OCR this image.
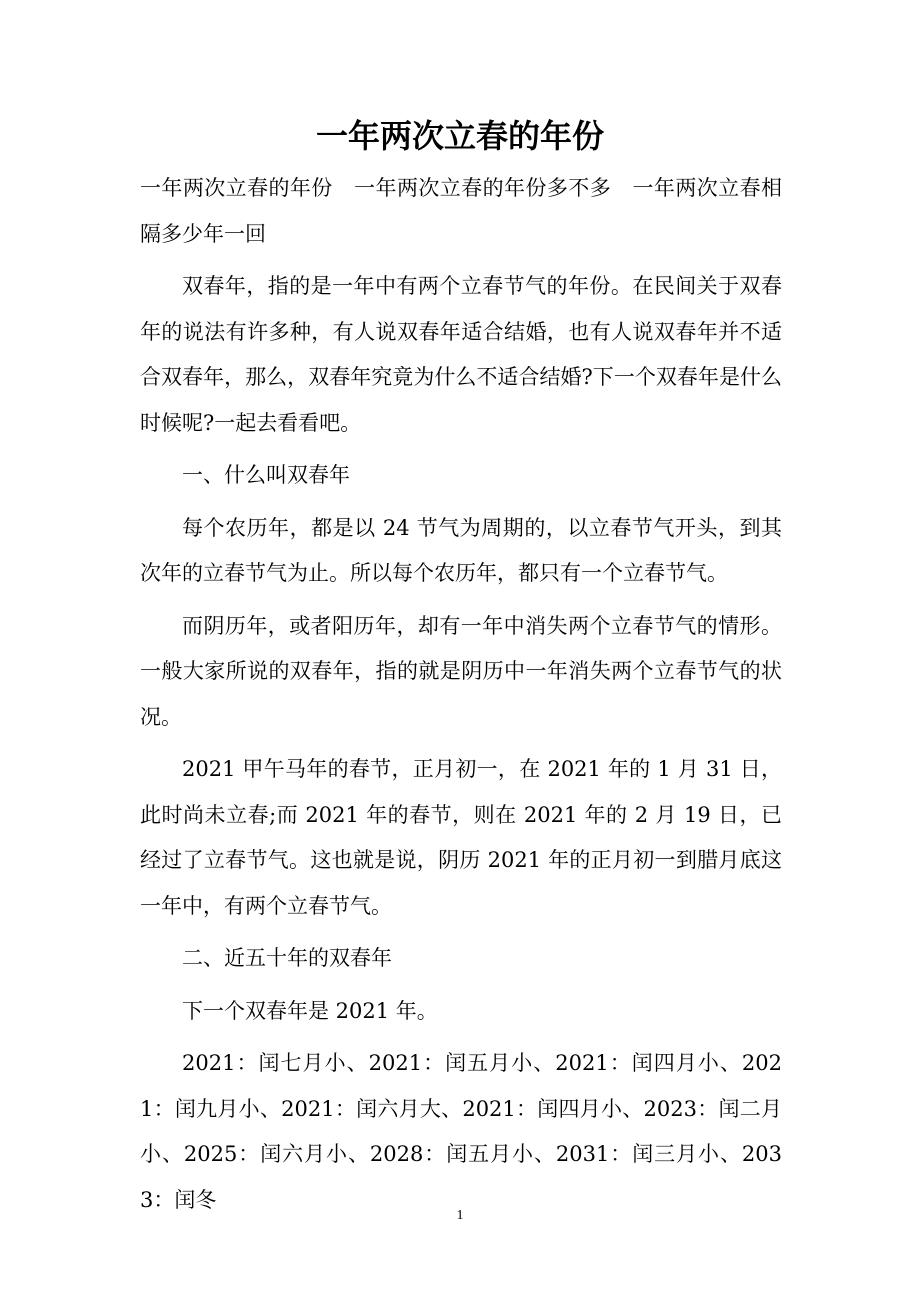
一年两次立春的年份

一年两次立春的年份　一年两次立春的年份多不多　一年两次立春相隔多少年一回

双春年，指的是一年中有两个立春节气的年份。在民间关于双春年的说法有许多种，有人说双春年适合结婚，也有人说双春年并不适合双春年，那么，双春年究竟为什么不适合结婚?下一个双春年是什么时候呢?一起去看看吧。

一、什么叫双春年

每个农历年，都是以 24 节气为周期的，以立春节气开头，到其次年的立春节气为止。所以每个农历年，都只有一个立春节气。

而阴历年，或者阳历年，却有一年中消失两个立春节气的情形。一般大家所说的双春年，指的就是阴历中一年消失两个立春节气的状况。

2021 甲午马年的春节，正月初一，在 2021 年的 1 月 31 日，此时尚未立春;而 2021 年的春节，则在 2021 年的 2 月 19 日，已经过了立春节气。这也就是说，阴历 2021 年的正月初一到腊月底这一年中，有两个立春节气。

二、近五十年的双春年

下一个双春年是 2021 年。

2021：闰七月小、2021：闰五月小、2021：闰四月小、2021：闰九月小、2021：闰六月大、2021：闰四月小、2023：闰二月小、2025：闰六月小、2028：闰五月小、2031：闰三月小、2033：闰冬

1
